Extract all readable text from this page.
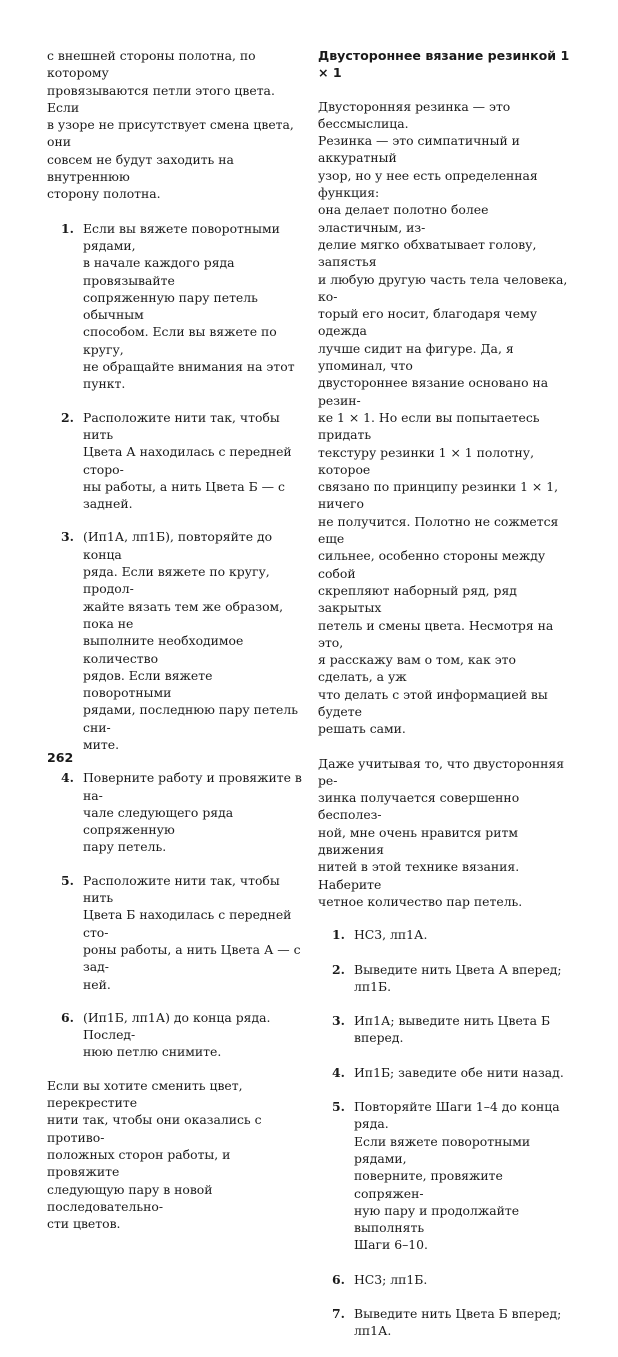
с внешней стороны полотна, по которому
провязываются петли этого цвета. Если
в узоре не присутствует смена цвета, они
совсем не будут заходить на внутреннюю
сторону полотна.

1. Если вы вяжете поворотными рядами,
в начале каждого ряда провязывайте
сопряженную пару петель обычным
способом. Если вы вяжете по кругу,
не обращайте внимания на этот
пункт.
2. Расположите нити так, чтобы нить
Цвета А находилась с передней сторо-
ны работы, а нить Цвета Б — с задней.
3. (Ип1А, лп1Б), повторяйте до конца
ряда. Если вяжете по кругу, продол-
жайте вязать тем же образом, пока не
выполните необходимое количество
рядов. Если вяжете поворотными
рядами, последнюю пару петель сни-
мите.
4. Поверните работу и провяжите в на-
чале следующего ряда сопряженную
пару петель.
5. Расположите нити так, чтобы нить
Цвета Б находилась с передней сто-
роны работы, а нить Цвета А — с зад-
ней.
6. (Ип1Б, лп1А) до конца ряда. Послед-
нюю петлю снимите.

Если вы хотите сменить цвет, перекрестите
нити так, чтобы они оказались с противо-
положных сторон работы, и провяжите
следующую пару в новой последовательно-
сти цветов.

Двустороннее вязание резинкой 1 × 1

Двусторонняя резинка — это бессмыслица.
Резинка — это симпатичный и аккуратный
узор, но у нее есть определенная функция:
она делает полотно более эластичным, из-
делие мягко обхватывает голову, запястья
и любую другую часть тела человека, ко-
торый его носит, благодаря чему одежда
лучше сидит на фигуре. Да, я упоминал, что
двустороннее вязание основано на резин-
ке 1 × 1. Но если вы попытаетесь придать
текстуру резинки 1 × 1 полотну, которое
связано по принципу резинки 1 × 1, ничего
не получится. Полотно не сожмется еще
сильнее, особенно стороны между собой
скрепляют наборный ряд, ряд закрытых
петель и смены цвета. Несмотря на это,
я расскажу вам о том, как это сделать, а уж
что делать с этой информацией вы будете
решать сами.

Даже учитывая то, что двусторонняя ре-
зинка получается совершенно бесполез-
ной, мне очень нравится ритм движения
нитей в этой технике вязания. Наберите
четное количество пар петель.

1. НС3, лп1А.
2. Выведите нить Цвета А вперед; лп1Б.
3. Ип1А; выведите нить Цвета Б вперед.
4. Ип1Б; заведите обе нити назад.
5. Повторяйте Шаги 1–4 до конца ряда.
Если вяжете поворотными рядами,
поверните, провяжите сопряжен-
ную пару и продолжайте выполнять
Шаги 6–10.
6. НС3; лп1Б.
7. Выведите нить Цвета Б вперед; лп1А.
262
